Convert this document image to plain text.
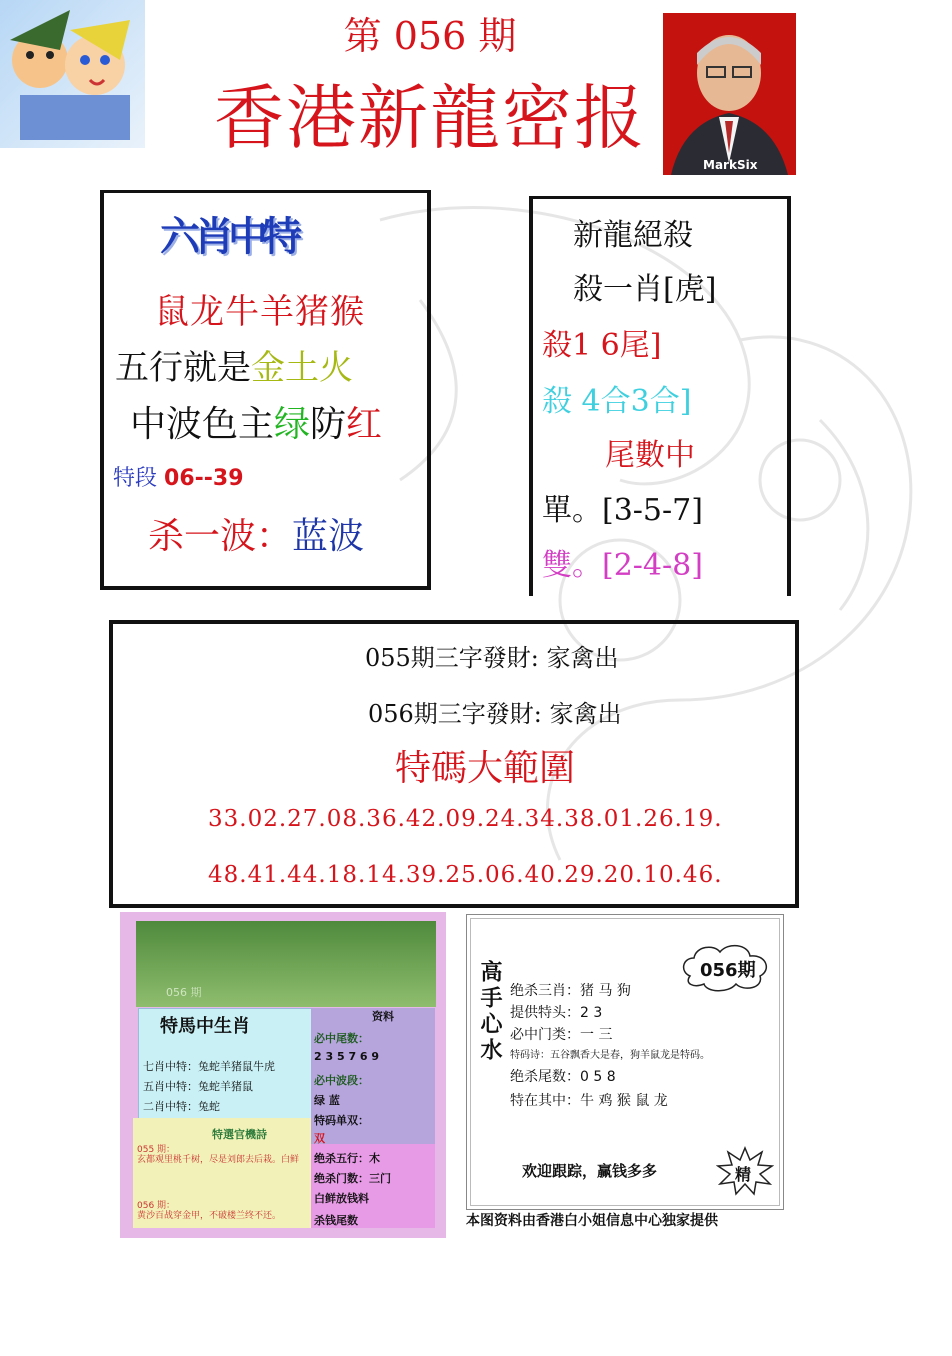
第 056 期
香港新龍密报
MarkSix
六肖中特
鼠龙牛羊猪猴
五行就是金土火
中波色主绿防红
特段 06--39
杀一波：蓝波
新龍絕殺
殺一肖[虎]
殺1 6尾]
殺 4合3合]
尾數中
單。[3-5-7]
雙。[2-4-8]
055期三字發財: 家禽出
056期三字發財: 家禽出
特碼大範圍
33.02.27.08.36.42.09.24.34.38.01.26.19.
48.41.44.18.14.39.25.06.40.29.20.10.46.
056 期
特馬中生肖
七肖中特：兔蛇羊猪鼠牛虎
五肖中特：兔蛇羊猪鼠
二肖中特：兔蛇
特選官機詩
055 期：
玄都观里桃千树，尽是刘郎去后栽。白鲜
056 期：
黄沙百战穿金甲，不破楼兰终不还。
资料
必中尾数：
2 3 5 7 6 9
必中波段：
绿 蓝
特码单双：
双
绝杀五行：木
绝杀门数：三门
白鲜放钱料
杀钱尾数
高手心水	056期
绝杀三肖：猪 马 狗
提供特头：2 3
必中门类：一 三
特码诗：五谷飘香大是春，狗羊鼠龙是特码。
绝杀尾数：0 5 8
特在其中：牛 鸡 猴 鼠 龙
欢迎跟踪，赢钱多多	精
本图资料由香港白小姐信息中心独家提供
